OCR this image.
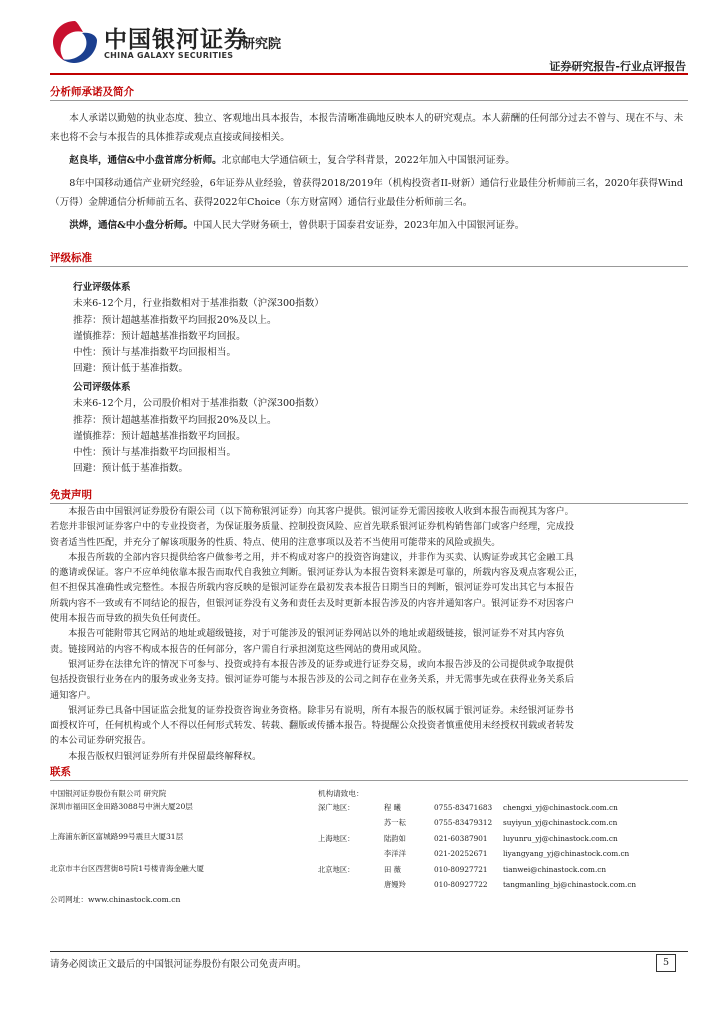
中国银河证券
研究院
CHINA GALAXY SECURITIES
证券研究报告-行业点评报告
分析师承诺及简介

本人承诺以勤勉的执业态度、独立、客观地出具本报告，本报告清晰准确地反映本人的研究观点。本人薪酬的任何部分过去不曾与、现在不与、未来也将不会与本报告的具体推荐或观点直接或间接相关。

赵良毕，通信&中小盘首席分析师。北京邮电大学通信硕士，复合学科背景，2022年加入中国银河证券。

8年中国移动通信产业研究经验，6年证券从业经验，曾获得2018/2019年（机构投资者II-财新）通信行业最佳分析师前三名，2020年获得Wind（万得）金牌通信分析师前五名、获得2022年Choice（东方财富网）通信行业最佳分析师前三名。

洪烨，通信&中小盘分析师。中国人民大学财务硕士，曾供职于国泰君安证券，2023年加入中国银河证券。

评级标准

行业评级体系

未来6-12个月，行业指数相对于基准指数（沪深300指数）

推荐：预计超越基准指数平均回报20%及以上。

谨慎推荐：预计超越基准指数平均回报。

中性：预计与基准指数平均回报相当。

回避：预计低于基准指数。

公司评级体系

未来6-12个月，公司股价相对于基准指数（沪深300指数）

推荐：预计超越基准指数平均回报20%及以上。

谨慎推荐：预计超越基准指数平均回报。

中性：预计与基准指数平均回报相当。

回避：预计低于基准指数。

免责声明

本报告由中国银河证券股份有限公司（以下简称银河证券）向其客户提供。银河证券无需因接收人收到本报告而视其为客户。

若您并非银河证券客户中的专业投资者，为保证服务质量、控制投资风险、应首先联系银河证券机构销售部门或客户经理，完成投

资者适当性匹配，并充分了解该项服务的性质、特点、使用的注意事项以及若不当使用可能带来的风险或损失。

本报告所载的全部内容只提供给客户做参考之用，并不构成对客户的投资咨询建议，并非作为买卖、认购证券或其它金融工具

的邀请或保证。客户不应单纯依靠本报告而取代自我独立判断。银河证券认为本报告资料来源是可靠的，所载内容及观点客观公正，

但不担保其准确性或完整性。本报告所载内容反映的是银河证券在最初发表本报告日期当日的判断，银河证券可发出其它与本报告

所载内容不一致或有不同结论的报告，但银河证券没有义务和责任去及时更新本报告涉及的内容并通知客户。银河证券不对因客户

使用本报告而导致的损失负任何责任。

本报告可能附带其它网站的地址或超级链接，对于可能涉及的银河证券网站以外的地址或超级链接，银河证券不对其内容负

责。链接网站的内容不构成本报告的任何部分，客户需自行承担浏览这些网站的费用或风险。

银河证券在法律允许的情况下可参与、投资或持有本报告涉及的证券或进行证券交易，或向本报告涉及的公司提供或争取提供

包括投资银行业务在内的服务或业务支持。银河证券可能与本报告涉及的公司之间存在业务关系，并无需事先或在获得业务关系后

通知客户。

银河证券已具备中国证监会批复的证券投资咨询业务资格。除非另有说明，所有本报告的版权属于银河证券。未经银河证券书

面授权许可，任何机构或个人不得以任何形式转发、转载、翻版或传播本报告。特提醒公众投资者慎重使用未经授权刊载或者转发

的本公司证券研究报告。

本报告版权归银河证券所有并保留最终解释权。

联系
中国银河证券股份有限公司 研究院
深圳市福田区金田路3088号中洲大厦20层
上海浦东新区富城路99号震旦大厦31层
北京市丰台区西营街8号院1号楼青海金融大厦
公司网址：www.chinastock.com.cn
机构请致电：
深广地区：	程 曦	0755-83471683 chengxi_yj@chinastock.com.cn
苏一耘	0755-83479312 suyiyun_yj@chinastock.com.cn
上海地区：	陆韵如	021-60387901 luyunru_yj@chinastock.com.cn
李洋洋	021-20252671 liyangyang_yj@chinastock.com.cn
北京地区：	田 薇	010-80927721 tianwei@chinastock.com.cn
唐嫚羚	010-80927722 tangmanling_bj@chinastock.com.cn
请务必阅读正文最后的中国银河证券股份有限公司免责声明。	5
